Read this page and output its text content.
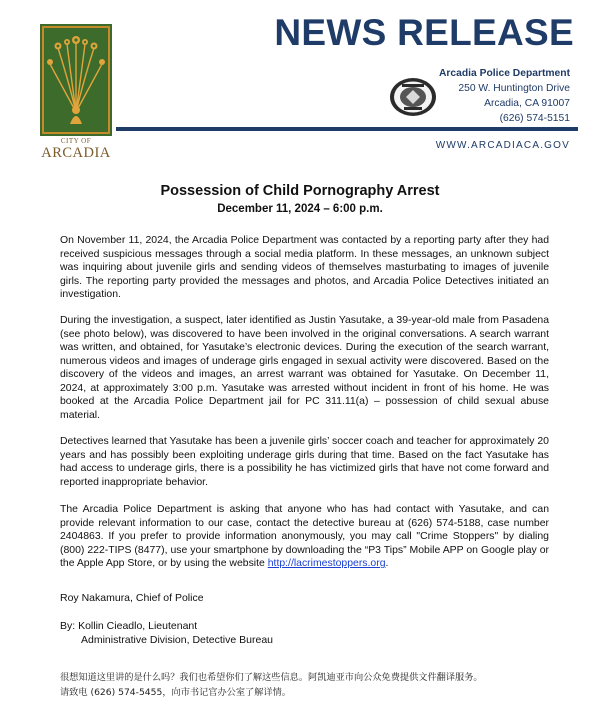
CITY OF
ARCADIA
NEWS RELEASE
Arcadia Police Department
250 W. Huntington Drive
Arcadia, CA 91007
(626) 574-5151
WWW.ARCADIACA.GOV
Possession of Child Pornography Arrest
December 11, 2024 – 6:00 p.m.

On November 11, 2024, the Arcadia Police Department was contacted by a reporting party after they had received suspicious messages through a social media platform. In these messages, an unknown subject was inquiring about juvenile girls and sending videos of themselves masturbating to images of juvenile girls. The reporting party provided the messages and photos, and Arcadia Police Detectives initiated an investigation.

During the investigation, a suspect, later identified as Justin Yasutake, a 39-year-old male from Pasadena (see photo below), was discovered to have been involved in the original conversations. A search warrant was written, and obtained, for Yasutake’s electronic devices. During the execution of the search warrant, numerous videos and images of underage girls engaged in sexual activity were discovered. Based on the discovery of the videos and images, an arrest warrant was obtained for Yasutake. On December 11, 2024, at approximately 3:00 p.m. Yasutake was arrested without incident in front of his home. He was booked at the Arcadia Police Department jail for PC 311.11(a) – possession of child sexual abuse material.

Detectives learned that Yasutake has been a juvenile girls’ soccer coach and teacher for approximately 20 years and has possibly been exploiting underage girls during that time. Based on the fact Yasutake has had access to underage girls, there is a possibility he has victimized girls that have not come forward and reported inappropriate behavior.

The Arcadia Police Department is asking that anyone who has had contact with Yasutake, and can provide relevant information to our case, contact the detective bureau at (626) 574-5188, case number 2404863. If you prefer to provide information anonymously, you may call "Crime Stoppers" by dialing (800) 222-TIPS (8477), use your smartphone by downloading the “P3 Tips” Mobile APP on Google play or the Apple App Store, or by using the website http://lacrimestoppers.org.

Roy Nakamura, Chief of Police
By: Kollin Cieadlo, Lieutenant
Administrative Division, Detective Bureau
很想知道这里讲的是什么吗？我们也希望你们了解这些信息。阿凯迪亚市向公众免费提供文件翻译服务。
请致电 (626) 574-5455，向市书记官办公室了解详情。
